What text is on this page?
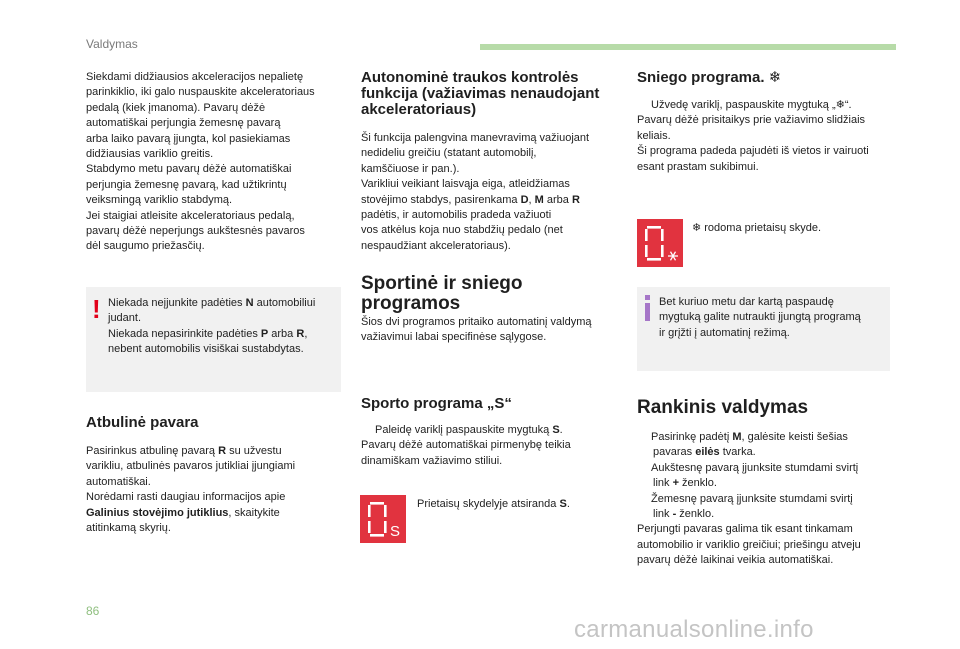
Valdymas

Siekdami didžiausios akceleracijos nepalietę

parinkiklio, iki galo nuspauskite akceleratoriaus

pedalą (kiek įmanoma). Pavarų dėžė

automatiškai perjungia žemesnę pavarą

arba laiko pavarą įjungta, kol pasiekiamas

didžiausias variklio greitis.

Stabdymo metu pavarų dėžė automatiškai

perjungia žemesnę pavarą, kad užtikrintų

veiksmingą variklio stabdymą.

Jei staigiai atleisite akceleratoriaus pedalą,

pavarų dėžė neperjungs aukštesnės pavaros

dėl saugumo priežasčių.

! Niekada neįjunkite padėties N automobiliui

judant.

Niekada nepasirinkite padėties P arba R,

nebent automobilis visiškai sustabdytas.

Atbulinė pavara

Pasirinkus atbulinę pavarą R su užvestu

varikliu, atbulinės pavaros jutikliai įjungiami

automatiškai.

Norėdami rasti daugiau informacijos apie

Galinius stovėjimo jutiklius, skaitykite

atitinkamą skyrių.

Autonominė traukos kontrolės
funkcija (važiavimas nenaudojant
akceleratoriaus)

Ši funkcija palengvina manevravimą važiuojant

nedideliu greičiu (statant automobilį,

kamščiuose ir pan.).

Varikliui veikiant laisvąja eiga, atleidžiamas

stovėjimo stabdys, pasirenkama D, M arba R

padėtis, ir automobilis pradeda važiuoti

vos atkėlus koja nuo stabdžių pedalo (net

nespaudžiant akceleratoriaus).

Sportinė ir sniego
programos

Šios dvi programos pritaiko automatinį valdymą

važiavimui labai specifinėse sąlygose.

Sporto programa „S“

Paleidę variklį paspauskite mygtuką S.

Pavarų dėžė automatiškai pirmenybę teikia

dinamiškam važiavimo stiliui.

S

Prietaisų skydelyje atsiranda S.

Sniego programa. ❄

Užvedę variklį, paspauskite mygtuką „❄“.

Pavarų dėžė prisitaikys prie važiavimo slidžiais

keliais.

Ši programa padeda pajudėti iš vietos ir vairuoti

esant prastam sukibimui.

❄ rodoma prietaisų skyde.

Bet kuriuo metu dar kartą paspaudę

mygtuką galite nutraukti įjungtą programą

ir grįžti į automatinį režimą.

Rankinis valdymas

Pasirinkę padėtį M, galėsite keisti šešias

pavaras eilės tvarka.

Aukštesnę pavarą įjunksite stumdami svirtį

link + ženklo.

Žemesnę pavarą įjunksite stumdami svirtį

link - ženklo.

Perjungti pavaras galima tik esant tinkamam

automobilio ir variklio greičiui; priešingu atveju

pavarų dėžė laikinai veikia automatiškai.

86
carmanualsonline.info
